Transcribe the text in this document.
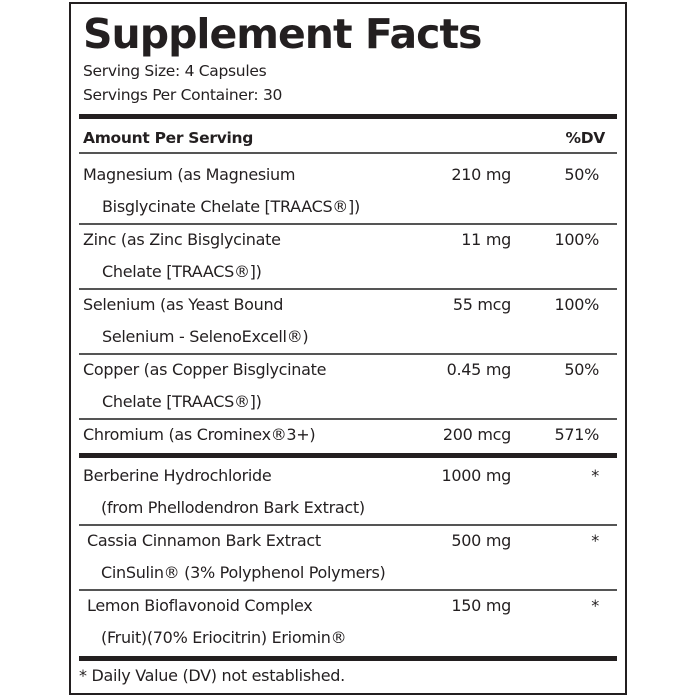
Supplement Facts
Serving Size: 4 Capsules
Servings Per Container: 30
Amount Per Serving	%DV
Magnesium (as Magnesium	210 mg	50%
Bisglycinate Chelate [TRAACS®])
Zinc (as Zinc Bisglycinate	11 mg	100%
Chelate [TRAACS®])
Selenium (as Yeast Bound	55 mcg	100%
Selenium - SelenoExcell®)
Copper (as Copper Bisglycinate	0.45 mg	50%
Chelate [TRAACS®])
Chromium (as Crominex®3+)	200 mcg	571%
Berberine Hydrochloride	1000 mg	*
(from Phellodendron Bark Extract)
Cassia Cinnamon Bark Extract	500 mg	*
CinSulin® (3% Polyphenol Polymers)
Lemon Bioflavonoid Complex	150 mg	*
(Fruit)(70% Eriocitrin) Eriomin®
* Daily Value (DV) not established.
